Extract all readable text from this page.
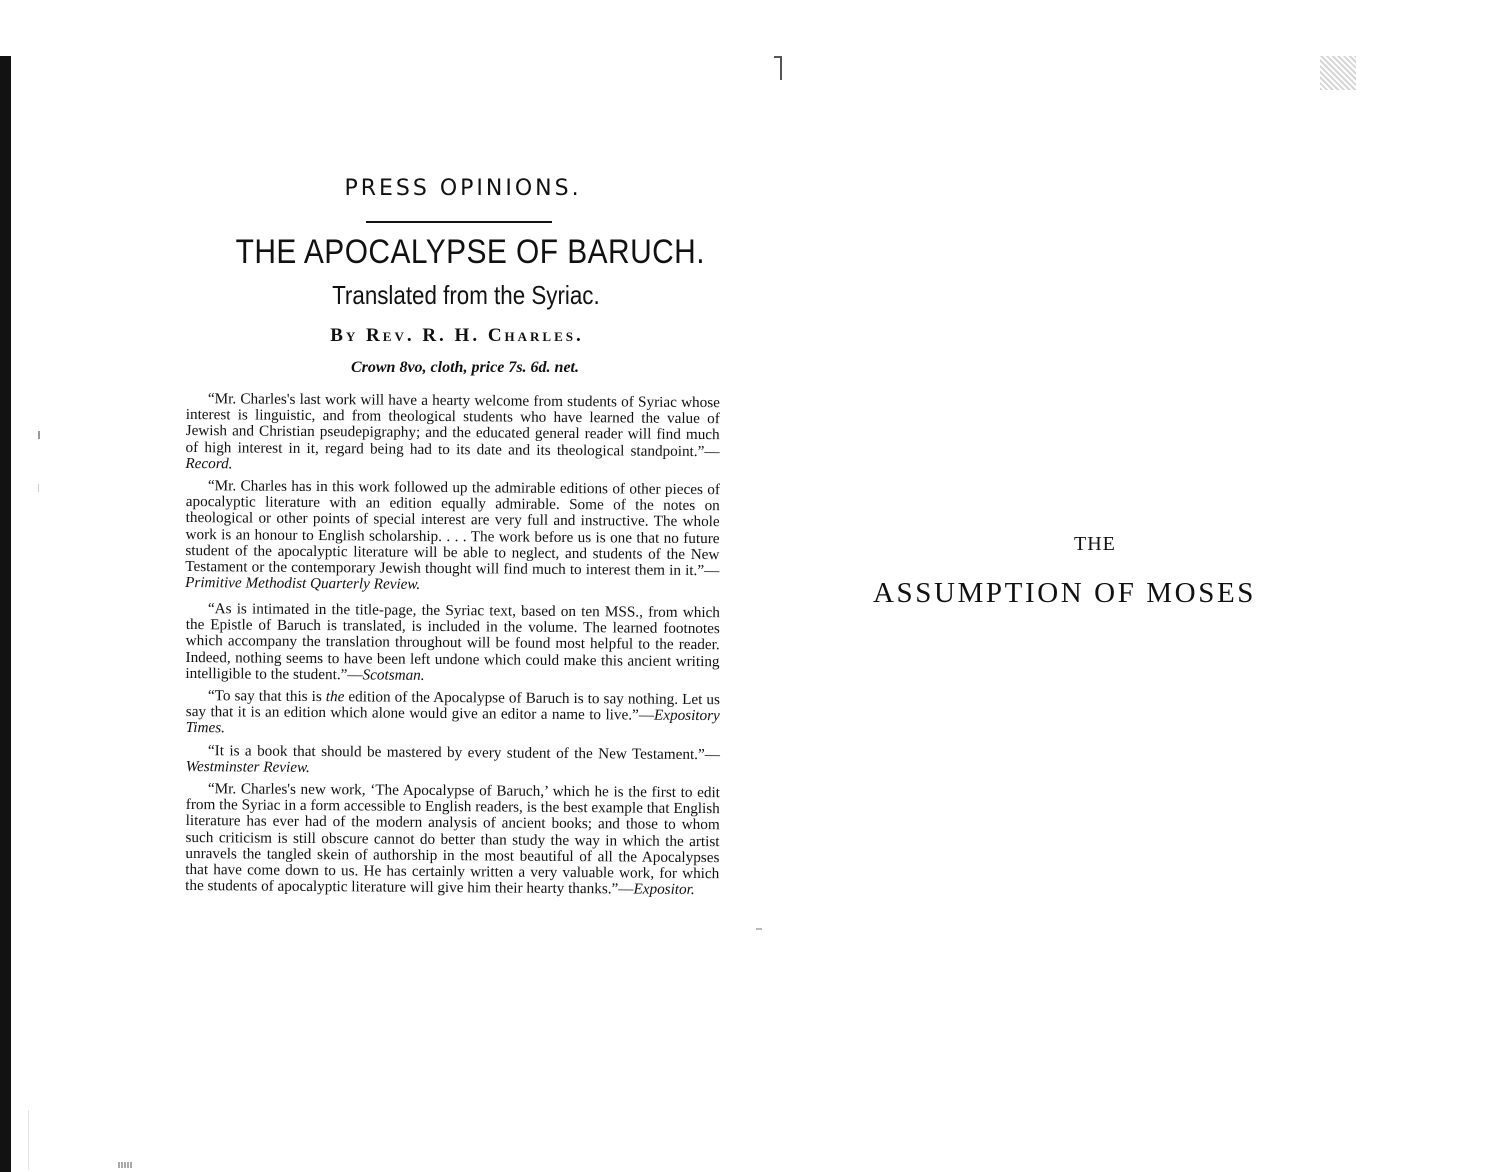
PRESS OPINIONS.
THE APOCALYPSE OF BARUCH.
Translated from the Syriac.
By Rev. R. H. Charles.
Crown 8vo, cloth, price 7s. 6d. net.

“Mr. Charles's last work will have a hearty welcome from students of Syriac whose interest is linguistic, and from theological students who have learned the value of Jewish and Christian pseudepigraphy; and the educated general reader will find much of high interest in it, regard being had to its date and its theological standpoint.”—Record.

“Mr. Charles has in this work followed up the admirable editions of other pieces of apocalyptic literature with an edition equally admirable. Some of the notes on theological or other points of special interest are very full and instructive. The whole work is an honour to English scholarship. . . . The work before us is one that no future student of the apocalyptic literature will be able to neglect, and students of the New Testament or the contemporary Jewish thought will find much to interest them in it.”—Primitive Methodist Quarterly Review.

“As is intimated in the title-page, the Syriac text, based on ten MSS., from which the Epistle of Baruch is translated, is included in the volume. The learned footnotes which accompany the translation throughout will be found most helpful to the reader. Indeed, nothing seems to have been left undone which could make this ancient writing intelligible to the student.”—Scotsman.

“To say that this is the edition of the Apocalypse of Baruch is to say nothing. Let us say that it is an edition which alone would give an editor a name to live.”—Expository Times.

“It is a book that should be mastered by every student of the New Testament.”—Westminster Review.

“Mr. Charles's new work, ‘The Apocalypse of Baruch,’ which he is the first to edit from the Syriac in a form accessible to English readers, is the best example that English literature has ever had of the modern analysis of ancient books; and those to whom such criticism is still obscure cannot do better than study the way in which the artist unravels the tangled skein of authorship in the most beautiful of all the Apocalypses that have come down to us. He has certainly written a very valuable work, for which the students of apocalyptic literature will give him their hearty thanks.”—Expositor.

THE
ASSUMPTION OF MOSES
